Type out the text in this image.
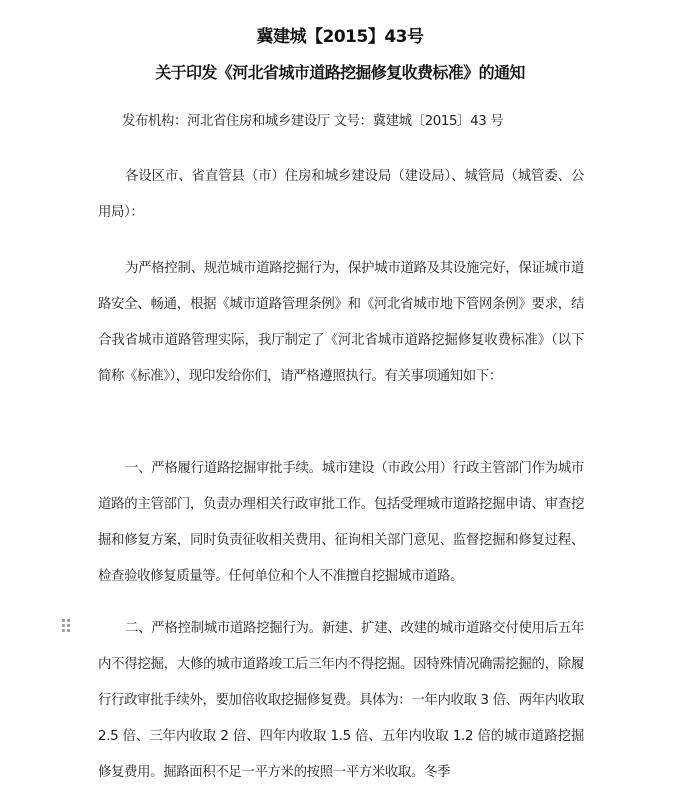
冀建城【2015】43号
关于印发《河北省城市道路挖掘修复收费标准》的通知
发布机构：河北省住房和城乡建设厅 文号：冀建城〔2015〕43 号

各设区市、省直管县（市）住房和城乡建设局（建设局）、城管局（城管委、公用局）：

为严格控制、规范城市道路挖掘行为，保护城市道路及其设施完好，保证城市道路安全、畅通，根据《城市道路管理条例》和《河北省城市地下管网条例》要求，结合我省城市道路管理实际，我厅制定了《河北省城市道路挖掘修复收费标准》（以下简称《标准》），现印发给你们，请严格遵照执行。有关事项通知如下：

一、严格履行道路挖掘审批手续。城市建设（市政公用）行政主管部门作为城市道路的主管部门，负责办理相关行政审批工作。包括受理城市道路挖掘申请、审查挖掘和修复方案，同时负责征收相关费用、征询相关部门意见、监督挖掘和修复过程、检查验收修复质量等。任何单位和个人不准擅自挖掘城市道路。

二、严格控制城市道路挖掘行为。新建、扩建、改建的城市道路交付使用后五年内不得挖掘，大修的城市道路竣工后三年内不得挖掘。因特殊情况确需挖掘的，除履行行政审批手续外，要加倍收取挖掘修复费。具体为：一年内收取 3 倍、两年内收取 2.5 倍、三年内收取 2 倍、四年内收取 1.5 倍、五年内收取 1.2 倍的城市道路挖掘修复费用。掘路面积不足一平方米的按照一平方米收取。冬季
